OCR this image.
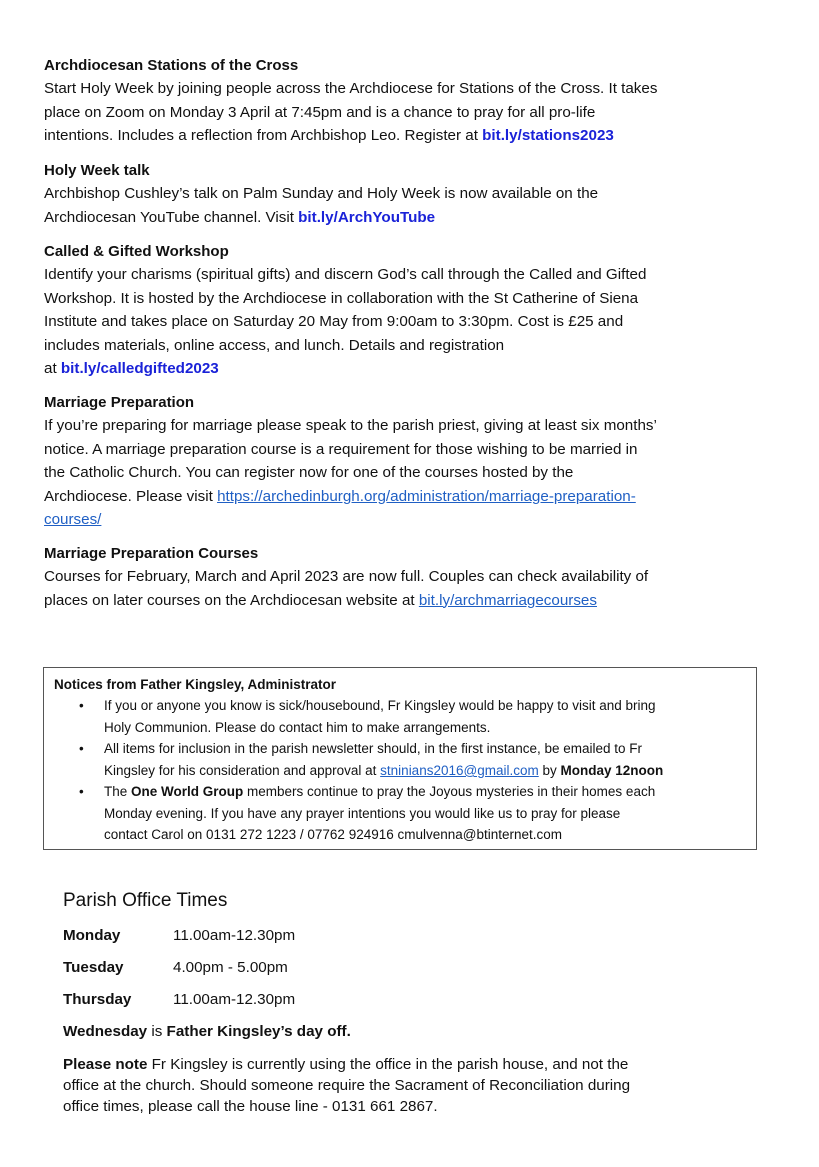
Archdiocesan Stations of the Cross
Start Holy Week by joining people across the Archdiocese for Stations of the Cross. It takes
place on Zoom on Monday 3 April at 7:45pm and is a chance to pray for all pro-life
intentions. Includes a reflection from Archbishop Leo. Register at bit.ly/stations2023
Holy Week talk
Archbishop Cushley’s talk on Palm Sunday and Holy Week is now available on the
Archdiocesan YouTube channel. Visit bit.ly/ArchYouTube
Called & Gifted Workshop
Identify your charisms (spiritual gifts) and discern God’s call through the Called and Gifted
Workshop. It is hosted by the Archdiocese in collaboration with the St Catherine of Siena
Institute and takes place on Saturday 20 May from 9:00am to 3:30pm. Cost is £25 and
includes materials, online access, and lunch. Details and registration
at bit.ly/calledgifted2023
Marriage Preparation
If you’re preparing for marriage please speak to the parish priest, giving at least six months’
notice. A marriage preparation course is a requirement for those wishing to be married in
the Catholic Church. You can register now for one of the courses hosted by the
Archdiocese. Please visit https://archedinburgh.org/administration/marriage-preparation-
courses/
Marriage Preparation Courses
Courses for February, March and April 2023 are now full. Couples can check availability of
places on later courses on the Archdiocesan website at bit.ly/archmarriagecourses
Notices from Father Kingsley, Administrator
• If you or anyone you know is sick/housebound, Fr Kingsley would be happy to visit and bring
Holy Communion. Please do contact him to make arrangements.
• All items for inclusion in the parish newsletter should, in the first instance, be emailed to Fr
Kingsley for his consideration and approval at stninians2016@gmail.com by Monday 12noon
• The One World Group members continue to pray the Joyous mysteries in their homes each
Monday evening. If you have any prayer intentions you would like us to pray for please
contact Carol on 0131 272 1223 / 07762 924916 cmulvenna@btinternet.com
Parish Office Times
Monday	11.00am-12.30pm
Tuesday	4.00pm - 5.00pm
Thursday	11.00am-12.30pm
Wednesday is Father Kingsley’s day off.
Please note Fr Kingsley is currently using the office in the parish house, and not the
office at the church. Should someone require the Sacrament of Reconciliation during
office times, please call the house line - 0131 661 2867.
